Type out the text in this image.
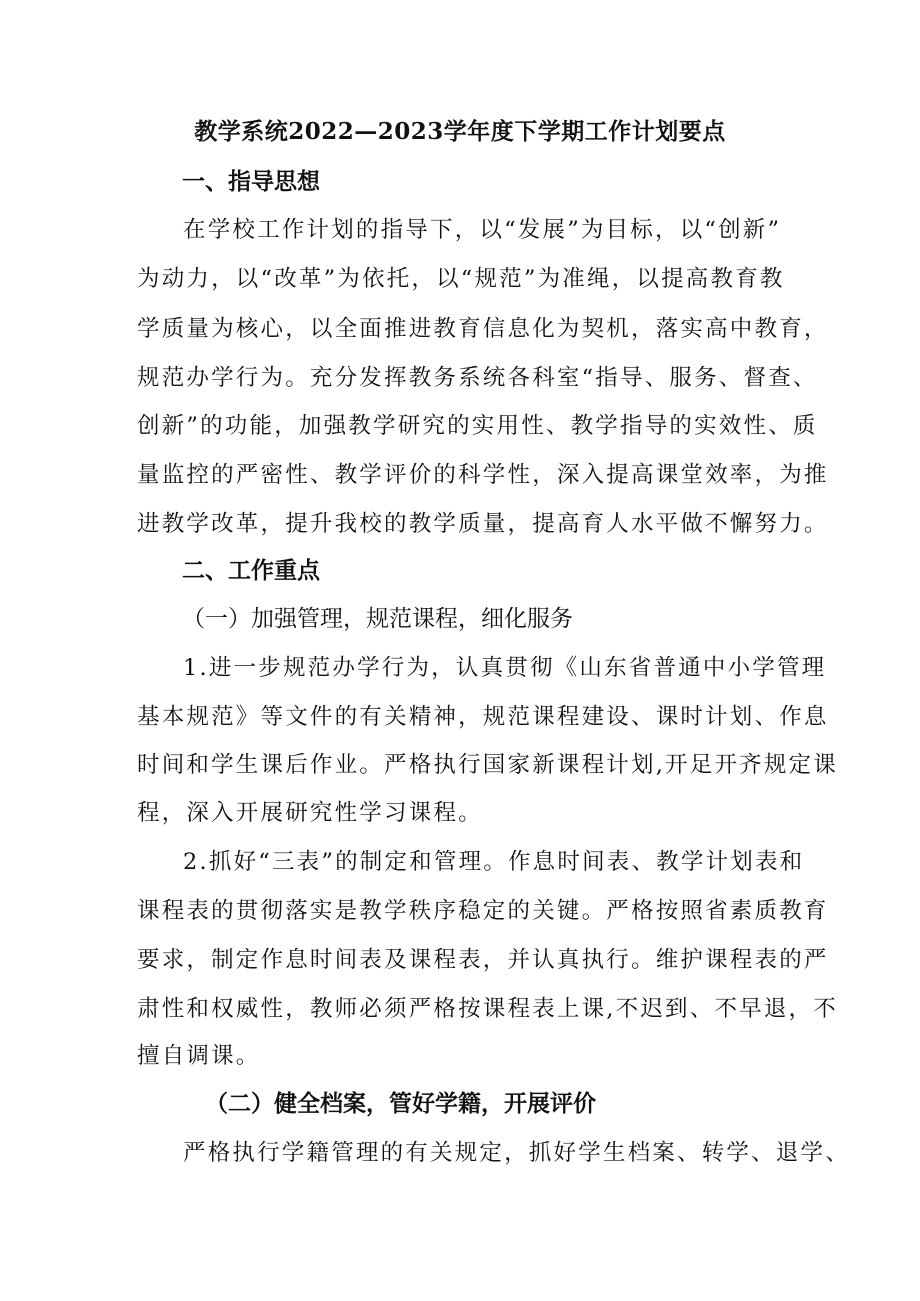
教学系统2022—2023学年度下学期工作计划要点
一、指导思想
在学校工作计划的指导下，以“发展”为目标，以“创新”
为动力，以“改革”为依托，以“规范”为准绳，以提高教育教
学质量为核心，以全面推进教育信息化为契机，落实高中教育，
规范办学行为。充分发挥教务系统各科室“指导、服务、督查、
创新”的功能，加强教学研究的实用性、教学指导的实效性、质
量监控的严密性、教学评价的科学性，深入提高课堂效率，为推
进教学改革，提升我校的教学质量，提高育人水平做不懈努力。
二、工作重点
（一）加强管理，规范课程，细化服务
1.进一步规范办学行为，认真贯彻《山东省普通中小学管理
基本规范》等文件的有关精神，规范课程建设、课时计划、作息
时间和学生课后作业。严格执行国家新课程计划,开足开齐规定课
程，深入开展研究性学习课程。
2.抓好“三表”的制定和管理。作息时间表、教学计划表和
课程表的贯彻落实是教学秩序稳定的关键。严格按照省素质教育
要求，制定作息时间表及课程表，并认真执行。维护课程表的严
肃性和权威性，教师必须严格按课程表上课,不迟到、不早退，不
擅自调课。
（二）健全档案，管好学籍，开展评价
严格执行学籍管理的有关规定，抓好学生档案、转学、退学、
